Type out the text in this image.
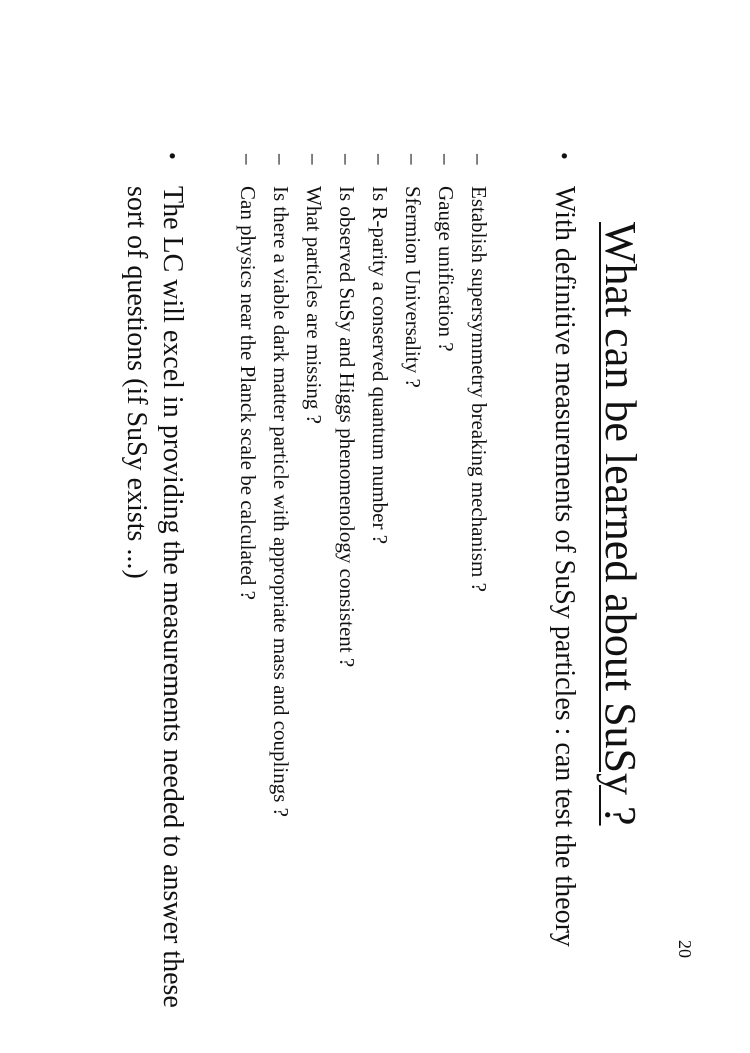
What can be learned about SuSy ?
20
•
With definitive measurements of SuSy particles : can test the theory
–
Establish supersymmetry breaking mechanism ?
–
Gauge unification ?
–
Sfermion Universality ?
–
Is R-parity a conserved quantum number ?
–
Is observed SuSy and Higgs phenomenology consistent ?
–
What particles are missing ?
–
Is there a viable dark matter particle with appropriate mass and couplings ?
–
Can physics near the Planck scale be calculated ?
•
The LC will excel in providing the measurements needed to answer these sort of questions (if SuSy exists ...)
